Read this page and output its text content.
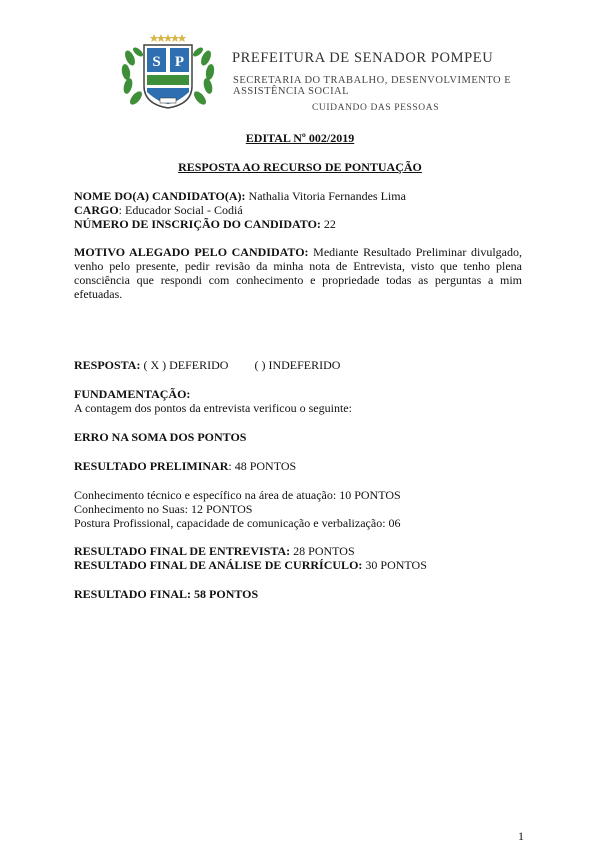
S P	PREFEITURA DE SENADOR POMPEU
SECRETARIA DO TRABALHO, DESENVOLVIMENTO E
ASSISTÊNCIA SOCIAL
CUIDANDO DAS PESSOAS
EDITAL Nº 002/2019
RESPOSTA AO RECURSO DE PONTUAÇÃO
NOME DO(A) CANDIDATO(A): Nathalia Vitoria Fernandes Lima
CARGO: Educador Social - Codiá
NÚMERO DE INSCRIÇÃO DO CANDIDATO: 22
MOTIVO ALEGADO PELO CANDIDATO: Mediante Resultado Preliminar divulgado, venho pelo presente, pedir revisão da minha nota de Entrevista, visto que tenho plena consciência que respondi com conhecimento e propriedade todas as perguntas a mim efetuadas.
RESPOSTA: ( X ) DEFERIDO ( ) INDEFERIDO
FUNDAMENTAÇÃO:
A contagem dos pontos da entrevista verificou o seguinte:
ERRO NA SOMA DOS PONTOS
RESULTADO PRELIMINAR: 48 PONTOS
Conhecimento técnico e específico na área de atuação: 10 PONTOS
Conhecimento no Suas: 12 PONTOS
Postura Profissional, capacidade de comunicação e verbalização: 06
RESULTADO FINAL DE ENTREVISTA: 28 PONTOS
RESULTADO FINAL DE ANÁLISE DE CURRÍCULO: 30 PONTOS
RESULTADO FINAL: 58 PONTOS
1
